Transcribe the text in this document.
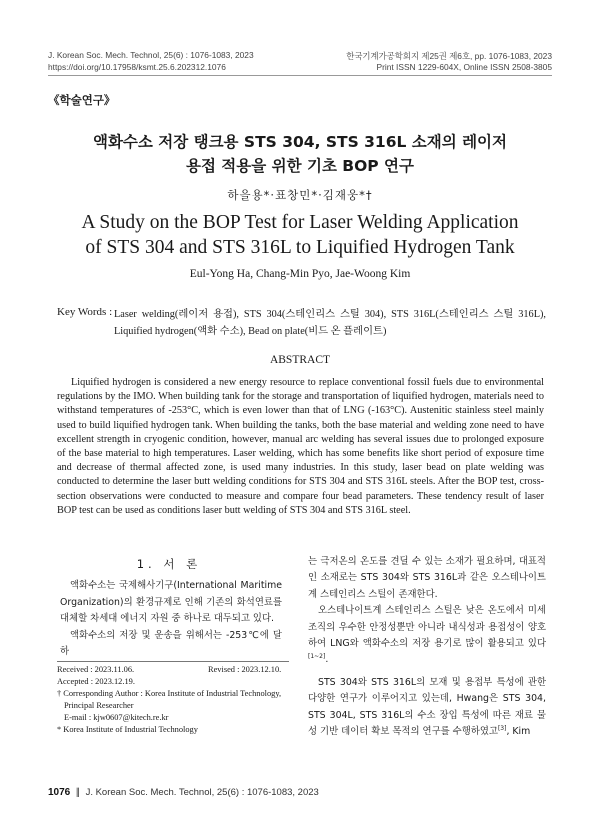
J. Korean Soc. Mech. Technol, 25(6) : 1076-1083, 2023
https://doi.org/10.17958/ksmt.25.6.202312.1076
한국기계가공학회지 제25권 제6호, pp. 1076-1083, 2023
Print ISSN 1229-604X, Online ISSN 2508-3805
《학술연구》
액화수소 저장 탱크용 STS 304, STS 316L 소재의 레이저
용접 적용을 위한 기초 BOP 연구
하을용*·표창민*·김재웅*†
A Study on the BOP Test for Laser Welding Application
of STS 304 and STS 316L to Liquified Hydrogen Tank
Eul-Yong Ha, Chang-Min Pyo, Jae-Woong Kim
Key Words : Laser welding(레이저 용접), STS 304(스테인리스 스틸 304), STS 316L(스테인리스 스틸 316L), Liquified hydrogen(액화 수소), Bead on plate(비드 온 플레이트)
ABSTRACT

Liquified hydrogen is considered a new energy resource to replace conventional fossil fuels due to environmental regulations by the IMO. When building tank for the storage and transportation of liquified hydrogen, materials need to withstand temperatures of -253°C, which is even lower than that of LNG (-163°C). Austenitic stainless steel mainly used to build liquified hydrogen tank. When building the tanks, both the base material and welding zone need to have excellent strength in cryogenic condition, however, manual arc welding has several issues due to prolonged exposure of the base material to high temperatures. Laser welding, which has some benefits like short period of exposure time and decrease of thermal affected zone, is used many industries. In this study, laser bead on plate welding was conducted to determine the laser butt welding conditions for STS 304 and STS 316L steels. After the BOP test, cross-section observations were conducted to measure and compare four bead parameters. These tendency result of laser BOP test can be used as conditions laser butt welding of STS 304 and STS 316L steel.

1. 서 론

액화수소는 국제해사기구(International Maritime Organization)의 환경규제로 인해 기존의 화석연료를 대체할 차세대 에너지 자원 중 하나로 대두되고 있다.

액화수소의 저장 및 운송을 위해서는 -253℃에 달하

Received : 2023.11.06.	Revised : 2023.12.10.
Accepted : 2023.12.19.
† Corresponding Author : Korea Institute of Industrial Technology,
Principal Researcher
E-mail : kjw0607@kitech.re.kr
* Korea Institute of Industrial Technology

는 극저온의 온도를 견딜 수 있는 소재가 필요하며, 대표적인 소재로는 STS 304와 STS 316L과 같은 오스테나이트계 스테인리스 스틸이 존재한다.

오스테나이트계 스테인리스 스틸은 낮은 온도에서 미세조직의 우수한 안정성뿐만 아니라 내식성과 용접성이 양호하여 LNG와 액화수소의 저장 용기로 많이 활용되고 있다[1~2].

STS 304와 STS 316L의 모재 및 용접부 특성에 관한 다양한 연구가 이루어지고 있는데, Hwang은 STS 304, STS 304L, STS 316L의 수소 장입 특성에 따른 재료 물성 기반 데이터 확보 목적의 연구를 수행하였고[3], Kim

1076  ∥  J. Korean Soc. Mech. Technol, 25(6) : 1076-1083, 2023
